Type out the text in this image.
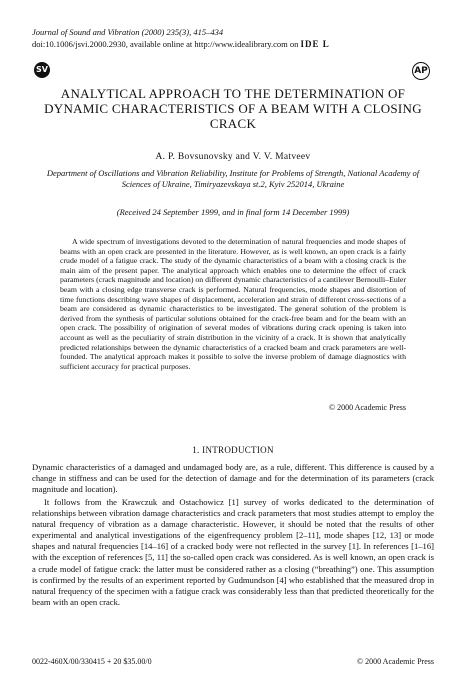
Journal of Sound and Vibration (2000) 235(3), 415–434
doi:10.1006/jsvi.2000.2930, available online at http://www.idealibrary.com on IDE L
SV	AP
ANALYTICAL APPROACH TO THE DETERMINATION OF DYNAMIC CHARACTERISTICS OF A BEAM WITH A CLOSING CRACK
A. P. Bovsunovsky and V. V. Matveev
Department of Oscillations and Vibration Reliability, Institute for Problems of Strength, National Academy of Sciences of Ukraine, Timiryazevskaya st.2, Kyiv 252014, Ukraine
(Received 24 September 1999, and in final form 14 December 1999)

A wide spectrum of investigations devoted to the determination of natural frequencies and mode shapes of beams with an open crack are presented in the literature. However, as is well known, an open crack is a fairly crude model of a fatigue crack. The study of the dynamic characteristics of a beam with a closing crack is the main aim of the present paper. The analytical approach which enables one to determine the effect of crack parameters (crack magnitude and location) on different dynamic characteristics of a cantilever Bernoulli–Euler beam with a closing edge transverse crack is performed. Natural frequencies, mode shapes and distortion of time functions describing wave shapes of displacement, acceleration and strain of different cross-sections of a beam are considered as dynamic characteristics to be investigated. The general solution of the problem is derived from the synthesis of particular solutions obtained for the crack-free beam and for the beam with an open crack. The possibility of origination of several modes of vibrations during crack opening is taken into account as well as the peculiarity of strain distribution in the vicinity of a crack. It is shown that analytically predicted relationships between the dynamic characteristics of a cracked beam and crack parameters are well-founded. The analytical approach makes it possible to solve the inverse problem of damage diagnostics with sufficient accuracy for practical purposes.

© 2000 Academic Press
1. INTRODUCTION

Dynamic characteristics of a damaged and undamaged body are, as a rule, different. This difference is caused by a change in stiffness and can be used for the detection of damage and for the determination of its parameters (crack magnitude and location).

It follows from the Krawczuk and Ostachowicz [1] survey of works dedicated to the determination of relationships between vibration damage characteristics and crack parameters that most studies attempt to employ the natural frequency of vibration as a damage characteristic. However, it should be noted that the results of other experimental and analytical investigations of the eigenfrequency problem [2–11], mode shapes [12, 13] or mode shapes and natural frequencies [14–16] of a cracked body were not reflected in the survey [1]. In references [1–16] with the exception of references [5, 11] the so-called open crack was considered. As is well known, an open crack is a crude model of fatigue crack: the latter must be considered rather as a closing (“breathing”) one. This assumption is confirmed by the results of an experiment reported by Gudmundson [4] who established that the measured drop in natural frequency of the specimen with a fatigue crack was considerably less than that predicted theoretically for the beam with an open crack.

0022-460X/00/330415 + 20 $35.00/0	© 2000 Academic Press
